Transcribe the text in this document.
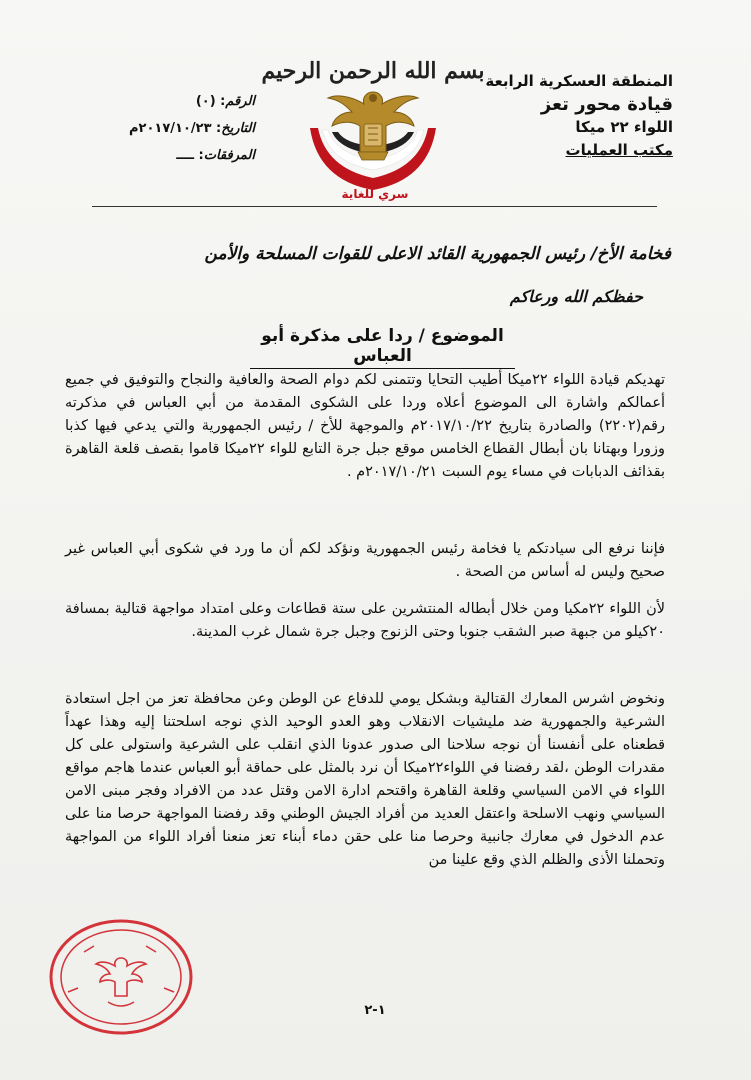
المنطقة العسكرية الرابعة
قيادة محور تعز
اللواء ٢٢ ميكا
مكتب العمليات
الرقم: (٠)
التاريخ: ٢٠١٧/١٠/٢٣م
المرفقات: ــــ
بسم الله الرحمن الرحيم
سري للغاية
فخامة الأخ/ رئيس الجمهورية القائد الاعلى للقوات المسلحة والأمن
حفظكم الله ورعاكم
الموضوع / ردا على مذكرة أبو العباس
تهديكم قيادة اللواء ٢٢ميكا أطيب التحايا وتتمنى لكم دوام الصحة والعافية والنجاح والتوفيق في جميع أعمالكم واشارة الى الموضوع أعلاه وردا على الشكوى المقدمة من أبي العباس في مذكرته رقم(٢٢٠٢) والصادرة بتاريخ ٢٠١٧/١٠/٢٢م والموجهة للأخ / رئيس الجمهورية والتي يدعي فيها كذبا وزورا وبهتانا بان أبطال القطاع الخامس موقع جبل جرة التابع للواء ٢٢ميكا قاموا بقصف قلعة القاهرة بقذائف الدبابات في مساء يوم السبت ٢٠١٧/١٠/٢١م .
فإننا نرفع الى سيادتكم يا فخامة رئيس الجمهورية ونؤكد لكم أن ما ورد في شكوى أبي العباس غير صحيح وليس له أساس من الصحة .
لأن اللواء ٢٢مكيا ومن خلال أبطاله المنتشرين على ستة قطاعات وعلى امتداد مواجهة قتالية بمسافة ٢٠كيلو من جبهة صبر الشقب جنوبا وحتى الزنوج وجبل جرة شمال غرب المدينة.
ونخوض اشرس المعارك القتالية وبشكل يومي للدفاع عن الوطن وعن محافظة تعز من اجل استعادة الشرعية والجمهورية ضد مليشيات الانقلاب وهو العدو الوحيد الذي نوجه اسلحتنا إليه وهذا عهداً قطعناه على أنفسنا أن نوجه سلاحنا الى صدور عدونا الذي انقلب على الشرعية واستولى على كل مقدرات الوطن ،لقد رفضنا في اللواء٢٢ميكا أن نرد بالمثل على حماقة أبو العباس عندما هاجم مواقع اللواء في الامن السياسي وقلعة القاهرة واقتحم ادارة الامن وقتل عدد من الافراد وفجر مبنى الامن السياسي ونهب الاسلحة واعتقل العديد من أفراد الجيش الوطني وقد رفضنا المواجهة حرصا منا على عدم الدخول في معارك جانبية وحرصا منا على حقن دماء أبناء تعز منعنا أفراد اللواء من المواجهة وتحملنا الأذى والظلم الذي وقع علينا من
١-٢
